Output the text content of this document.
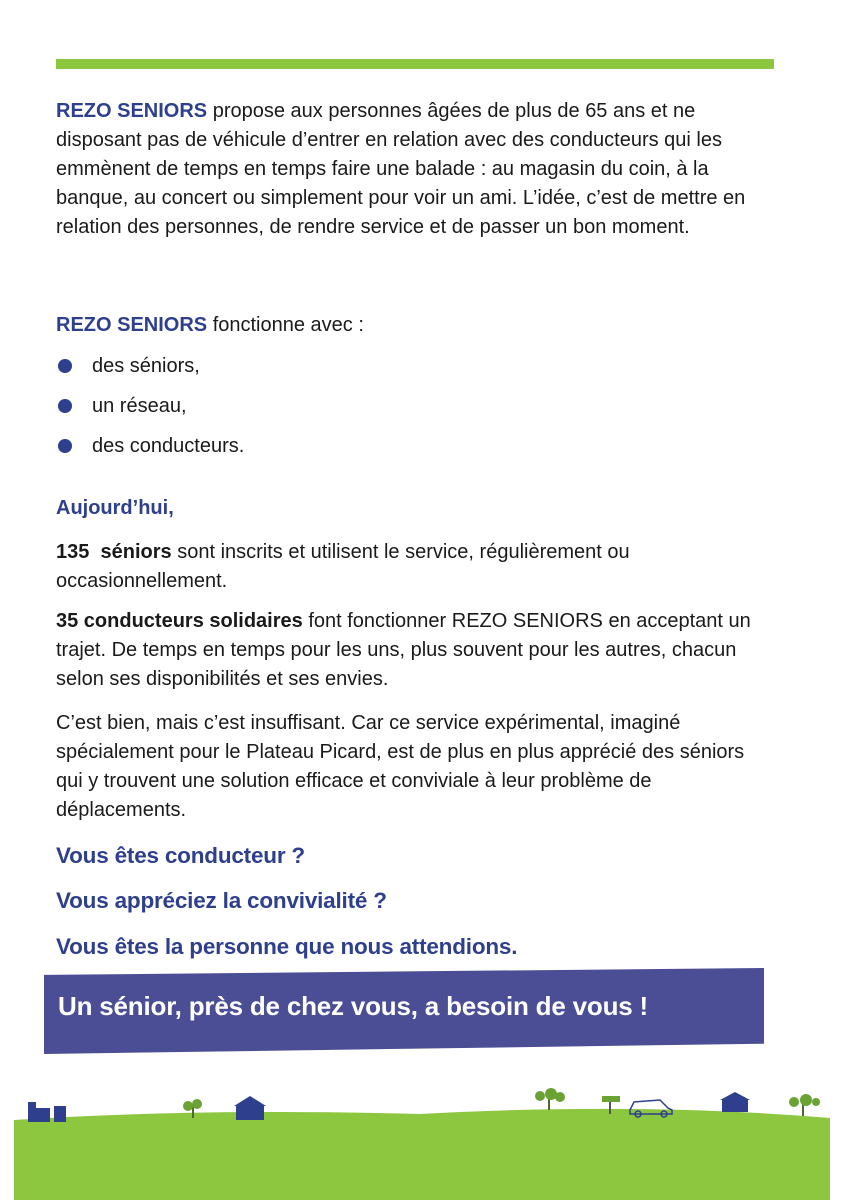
REZO SENIORS propose aux personnes âgées de plus de 65 ans et ne disposant pas de véhicule d’entrer en relation avec des conducteurs qui les emmènent de temps en temps faire une balade : au magasin du coin, à la banque, au concert ou simplement pour voir un ami. L’idée, c’est de mettre en relation des personnes, de rendre service et de passer un bon moment.

REZO SENIORS fonctionne avec :

des séniors,
un réseau,
des conducteurs.
Aujourd’hui,

135 séniors sont inscrits et utilisent le service, régulièrement ou occasionnellement.

35 conducteurs solidaires font fonctionner REZO SENIORS en acceptant un trajet. De temps en temps pour les uns, plus souvent pour les autres, chacun selon ses disponibilités et ses envies.

C’est bien, mais c’est insuffisant. Car ce service expérimental, imaginé spécialement pour le Plateau Picard, est de plus en plus apprécié des séniors qui y trouvent une solution efficace et conviviale à leur problème de déplacements.

Vous êtes conducteur ?
Vous appréciez la convivialité ?
Vous êtes la personne que nous attendions.
Un sénior, près de chez vous, a besoin de vous !
